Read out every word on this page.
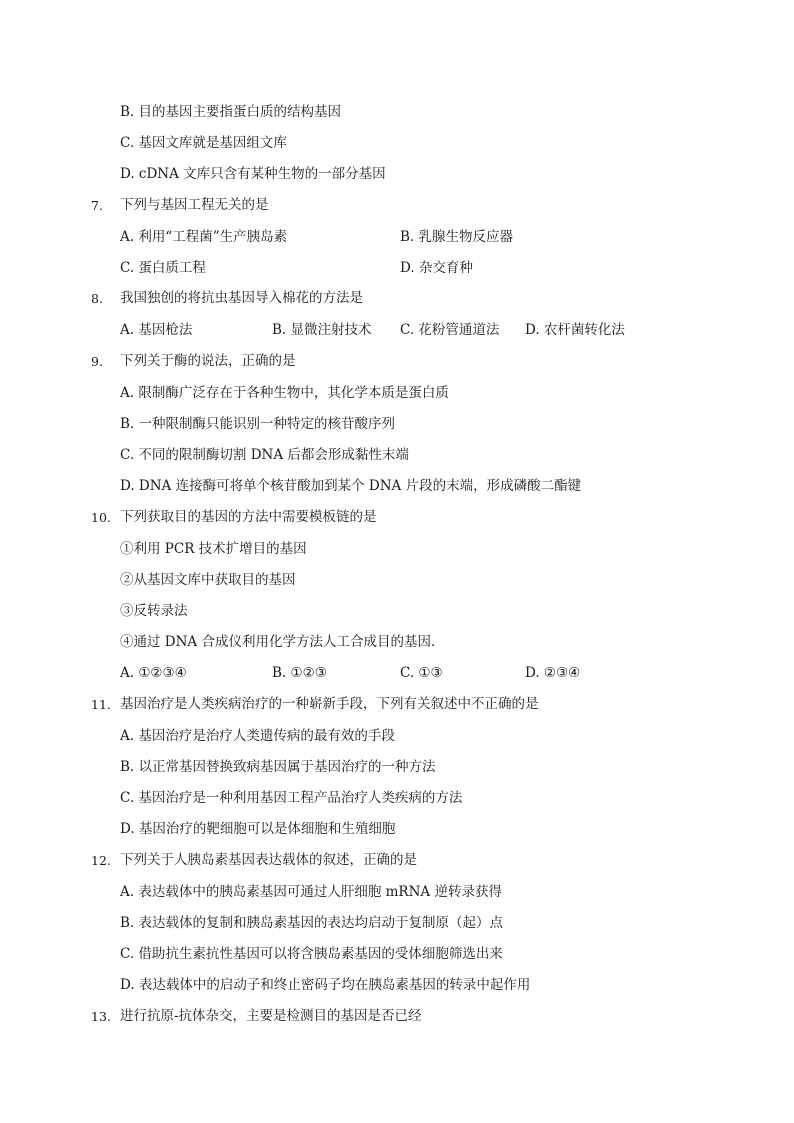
B. 目的基因主要指蛋白质的结构基因
C. 基因文库就是基因组文库
D. cDNA 文库只含有某种生物的一部分基因
7. 下列与基因工程无关的是
A. 利用“工程菌”生产胰岛素	B. 乳腺生物反应器
C. 蛋白质工程	D. 杂交育种
8. 我国独创的将抗虫基因导入棉花的方法是
A. 基因枪法	B. 显微注射技术 C. 花粉管通道法 D. 农杆菌转化法
9. 下列关于酶的说法，正确的是
A. 限制酶广泛存在于各种生物中，其化学本质是蛋白质
B. 一种限制酶只能识别一种特定的核苷酸序列
C. 不同的限制酶切割 DNA 后都会形成黏性末端
D. DNA 连接酶可将单个核苷酸加到某个 DNA 片段的末端，形成磷酸二酯键
10. 下列获取目的基因的方法中需要模板链的是
①利用 PCR 技术扩增目的基因
②从基因文库中获取目的基因
③反转录法
④通过 DNA 合成仪利用化学方法人工合成目的基因．
A. ①②③④	B. ①②③	C. ①③	D. ②③④
11. 基因治疗是人类疾病治疗的一种崭新手段，下列有关叙述中不正确的是
A. 基因治疗是治疗人类遗传病的最有效的手段
B. 以正常基因替换致病基因属于基因治疗的一种方法
C. 基因治疗是一种利用基因工程产品治疗人类疾病的方法
D. 基因治疗的靶细胞可以是体细胞和生殖细胞
12. 下列关于人胰岛素基因表达载体的叙述，正确的是
A. 表达载体中的胰岛素基因可通过人肝细胞 mRNA 逆转录获得
B. 表达载体的复制和胰岛素基因的表达均启动于复制原（起）点
C. 借助抗生素抗性基因可以将含胰岛素基因的受体细胞筛选出来
D. 表达载体中的启动子和终止密码子均在胰岛素基因的转录中起作用
13. 进行抗原-抗体杂交，主要是检测目的基因是否已经
